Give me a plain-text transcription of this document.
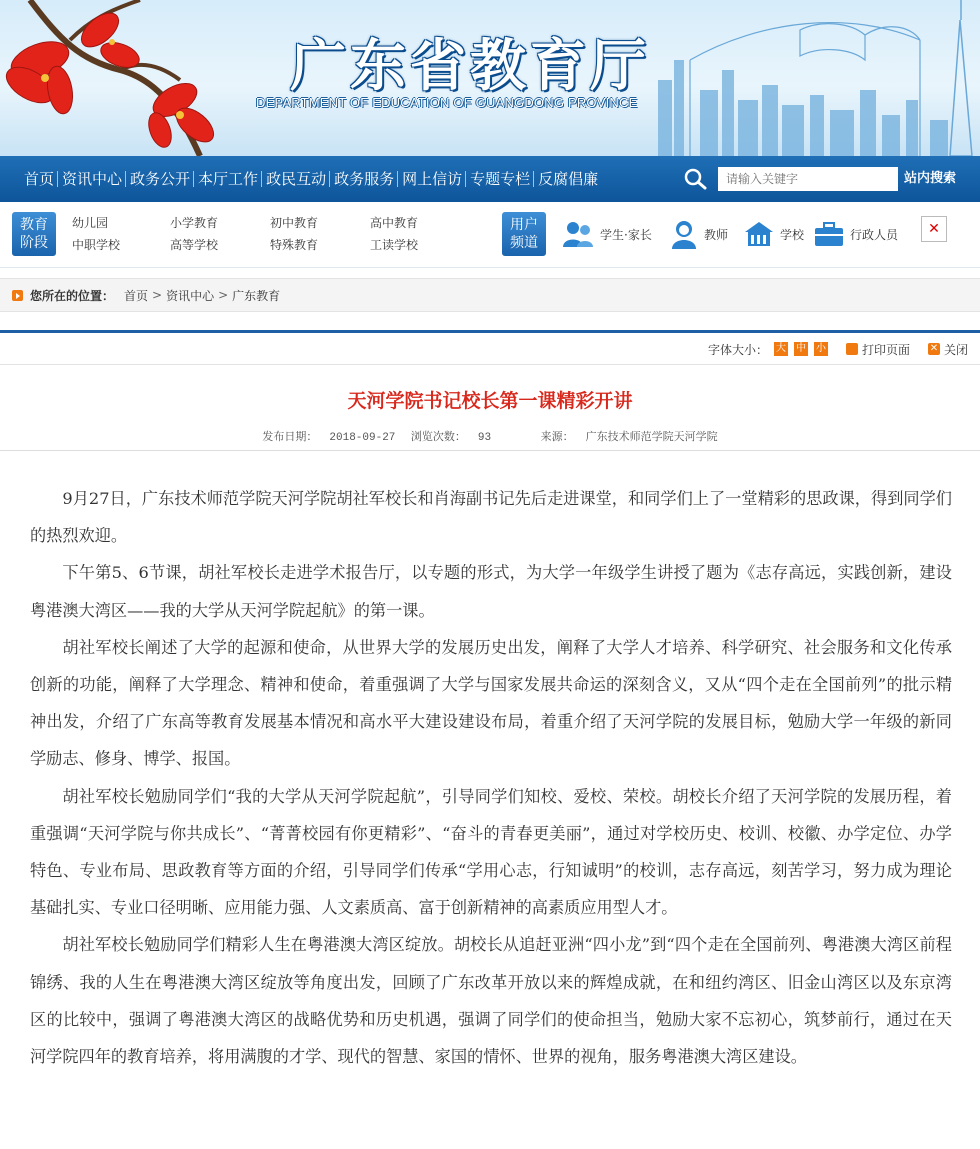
广东省教育厅
DEPARTMENT OF EDUCATION OF GUANGDONG PROVINCE
首页 资讯中心 政务公开 本厅工作 政民互动 政务服务 网上信访 专题专栏 反腐倡廉
请输入关键字	站内搜索
教育
阶段
幼儿园	小学教育	初中教育	高中教育
中职学校	高等学校	特殊教育	工读学校
用户
频道
学生·家长	教师	学校	行政人员	✕
您所在的位置： 首页 > 资讯中心 > 广东教育
字体大小： 大 中 小	打印页面 ✕ 关闭
天河学院书记校长第一课精彩开讲
发布日期： 2018-09-27 浏览次数： 93	来源： 广东技术师范学院天河学院

9月27日，广东技术师范学院天河学院胡社军校长和肖海副书记先后走进课堂，和同学们上了一堂精彩的思政课，得到同学们的热烈欢迎。

下午第5、6节课，胡社军校长走进学术报告厅，以专题的形式，为大学一年级学生讲授了题为《志存高远，实践创新，建设粤港澳大湾区——我的大学从天河学院起航》的第一课。

胡社军校长阐述了大学的起源和使命，从世界大学的发展历史出发，阐释了大学人才培养、科学研究、社会服务和文化传承创新的功能，阐释了大学理念、精神和使命，着重强调了大学与国家发展共命运的深刻含义，又从“四个走在全国前列”的批示精神出发，介绍了广东高等教育发展基本情况和高水平大建设建设布局，着重介绍了天河学院的发展目标，勉励大学一年级的新同学励志、修身、博学、报国。

胡社军校长勉励同学们“我的大学从天河学院起航”，引导同学们知校、爱校、荣校。胡校长介绍了天河学院的发展历程，着重强调“天河学院与你共成长”、“菁菁校园有你更精彩”、“奋斗的青春更美丽”，通过对学校历史、校训、校徽、办学定位、办学特色、专业布局、思政教育等方面的介绍，引导同学们传承“学用心志，行知诚明”的校训，志存高远，刻苦学习，努力成为理论基础扎实、专业口径明晰、应用能力强、人文素质高、富于创新精神的高素质应用型人才。

胡社军校长勉励同学们精彩人生在粤港澳大湾区绽放。胡校长从追赶亚洲“四小龙”到“四个走在全国前列、粤港澳大湾区前程锦绣、我的人生在粤港澳大湾区绽放等角度出发，回顾了广东改革开放以来的辉煌成就，在和纽约湾区、旧金山湾区以及东京湾区的比较中，强调了粤港澳大湾区的战略优势和历史机遇，强调了同学们的使命担当，勉励大家不忘初心，筑梦前行，通过在天河学院四年的教育培养，将用满腹的才学、现代的智慧、家国的情怀、世界的视角，服务粤港澳大湾区建设。
